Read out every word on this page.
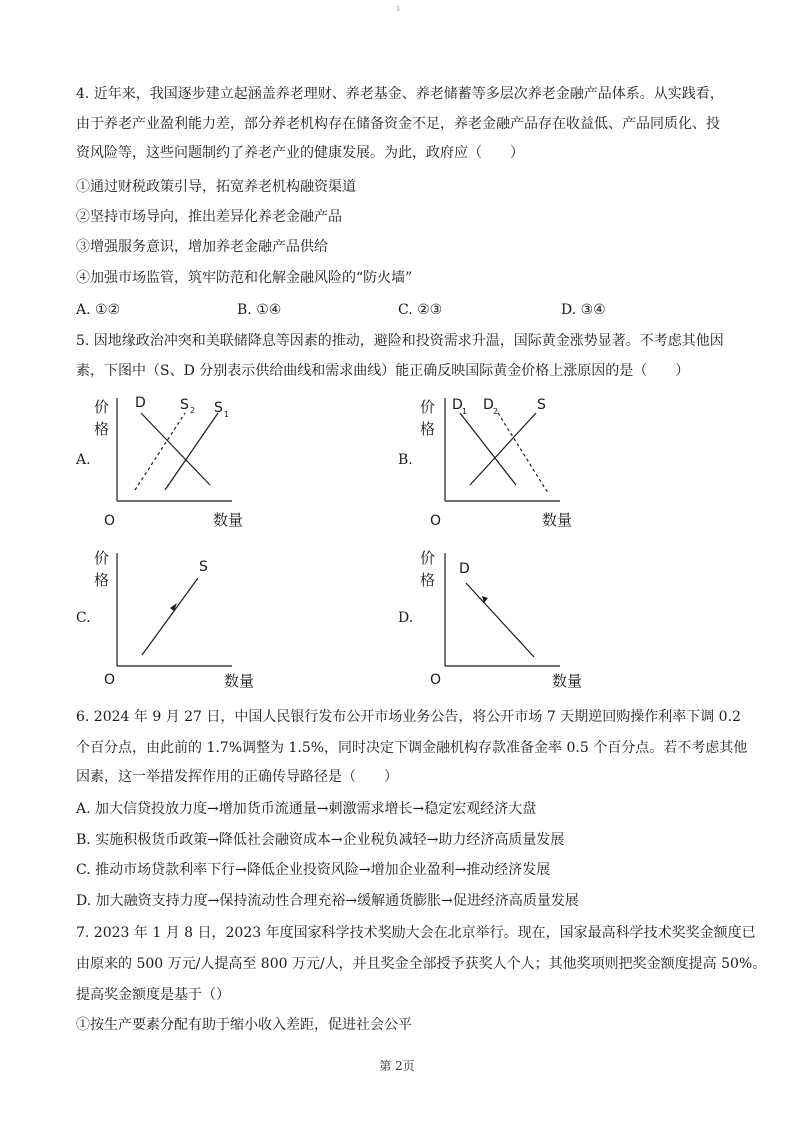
3
4. 近年来，我国逐步建立起涵盖养老理财、养老基金、养老储蓄等多层次养老金融产品体系。从实践看，
由于养老产业盈利能力差，部分养老机构存在储备资金不足，养老金融产品存在收益低、产品同质化、投
资风险等，这些问题制约了养老产业的健康发展。为此，政府应（　　）
①通过财税政策引导，拓宽养老机构融资渠道
②坚持市场导向，推出差异化养老金融产品
③增强服务意识，增加养老金融产品供给
④加强市场监管，筑牢防范和化解金融风险的“防火墙”
A. ①②	B. ①④	C. ②③	D. ③④
5. 因地缘政治冲突和美联储降息等因素的推动，避险和投资需求升温，国际黄金涨势显著。不考虑其他因
素，下图中（S、D 分别表示供给曲线和需求曲线）能正确反映国际黄金价格上涨原因的是（　　）
A.
价
格
O	数量
D S 2 S 1
B.
价
格
O	数量
D 1 D 2	S
C.
价
格
O	数量
S
D.
价
格
O	数量
D
6. 2024 年 9 月 27 日，中国人民银行发布公开市场业务公告，将公开市场 7 天期逆回购操作利率下调 0.2
个百分点，由此前的 1.7%调整为 1.5%，同时决定下调金融机构存款准备金率 0.5 个百分点。若不考虑其他
因素，这一举措发挥作用的正确传导路径是（　　）
A. 加大信贷投放力度→增加货币流通量→刺激需求增长→稳定宏观经济大盘
B. 实施积极货币政策→降低社会融资成本→企业税负减轻→助力经济高质量发展
C. 推动市场贷款利率下行→降低企业投资风险→增加企业盈利→推动经济发展
D. 加大融资支持力度→保持流动性合理充裕→缓解通货膨胀→促进经济高质量发展
7. 2023 年 1 月 8 日，2023 年度国家科学技术奖励大会在北京举行。现在，国家最高科学技术奖奖金额度已
由原来的 500 万元/人提高至 800 万元/人，并且奖金全部授予获奖人个人；其他奖项则把奖金额度提高 50%。
提高奖金额度是基于（）
①按生产要素分配有助于缩小收入差距，促进社会公平
第 2页
